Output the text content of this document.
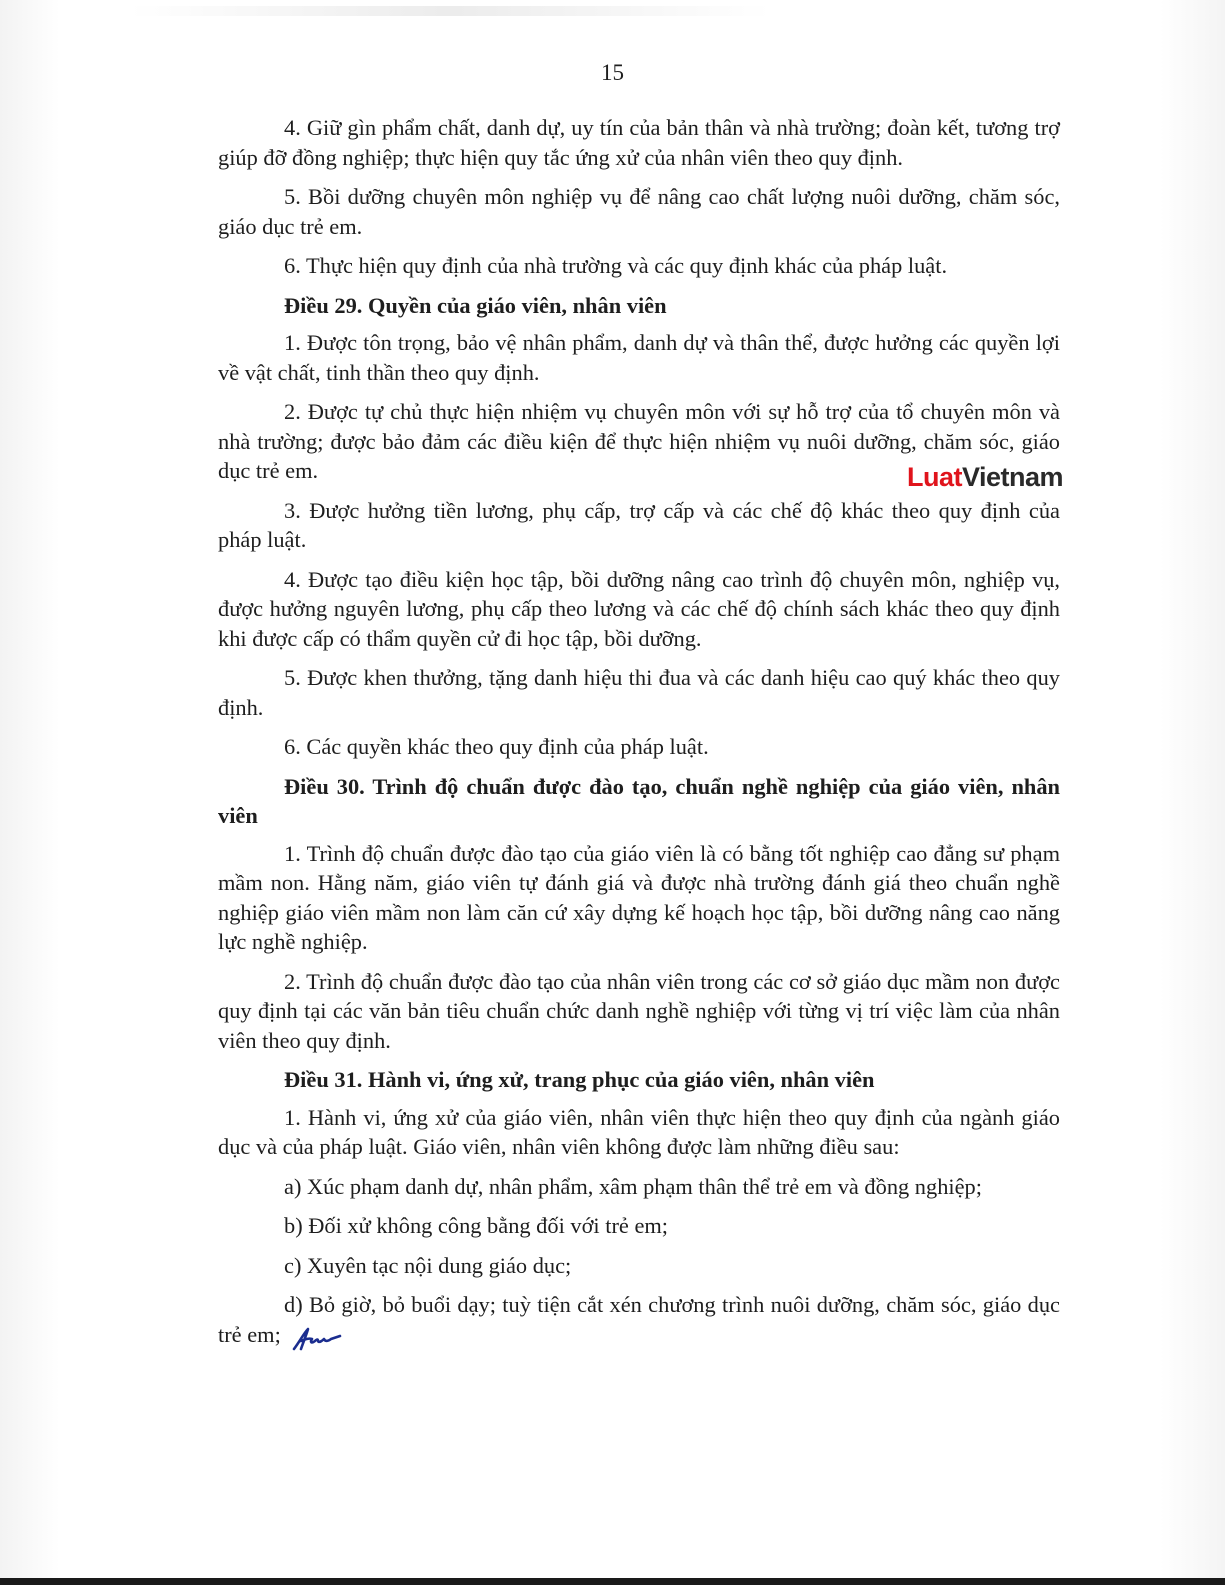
15
LuatVietnam

4. Giữ gìn phẩm chất, danh dự, uy tín của bản thân và nhà trường; đoàn kết, tương trợ giúp đỡ đồng nghiệp; thực hiện quy tắc ứng xử của nhân viên theo quy định.

5. Bồi dưỡng chuyên môn nghiệp vụ để nâng cao chất lượng nuôi dưỡng, chăm sóc, giáo dục trẻ em.

6. Thực hiện quy định của nhà trường và các quy định khác của pháp luật.

Điều 29. Quyền của giáo viên, nhân viên

1. Được tôn trọng, bảo vệ nhân phẩm, danh dự và thân thể, được hưởng các quyền lợi về vật chất, tinh thần theo quy định.

2. Được tự chủ thực hiện nhiệm vụ chuyên môn với sự hỗ trợ của tổ chuyên môn và nhà trường; được bảo đảm các điều kiện để thực hiện nhiệm vụ nuôi dưỡng, chăm sóc, giáo dục trẻ em.

3. Được hưởng tiền lương, phụ cấp, trợ cấp và các chế độ khác theo quy định của pháp luật.

4. Được tạo điều kiện học tập, bồi dưỡng nâng cao trình độ chuyên môn, nghiệp vụ, được hưởng nguyên lương, phụ cấp theo lương và các chế độ chính sách khác theo quy định khi được cấp có thẩm quyền cử đi học tập, bồi dưỡng.

5. Được khen thưởng, tặng danh hiệu thi đua và các danh hiệu cao quý khác theo quy định.

6. Các quyền khác theo quy định của pháp luật.

Điều 30. Trình độ chuẩn được đào tạo, chuẩn nghề nghiệp của giáo viên, nhân viên

1. Trình độ chuẩn được đào tạo của giáo viên là có bằng tốt nghiệp cao đẳng sư phạm mầm non. Hằng năm, giáo viên tự đánh giá và được nhà trường đánh giá theo chuẩn nghề nghiệp giáo viên mầm non làm căn cứ xây dựng kế hoạch học tập, bồi dưỡng nâng cao năng lực nghề nghiệp.

2. Trình độ chuẩn được đào tạo của nhân viên trong các cơ sở giáo dục mầm non được quy định tại các văn bản tiêu chuẩn chức danh nghề nghiệp với từng vị trí việc làm của nhân viên theo quy định.

Điều 31. Hành vi, ứng xử, trang phục của giáo viên, nhân viên

1. Hành vi, ứng xử của giáo viên, nhân viên thực hiện theo quy định của ngành giáo dục và của pháp luật. Giáo viên, nhân viên không được làm những điều sau:

a) Xúc phạm danh dự, nhân phẩm, xâm phạm thân thể trẻ em và đồng nghiệp;

b) Đối xử không công bằng đối với trẻ em;

c) Xuyên tạc nội dung giáo dục;

d) Bỏ giờ, bỏ buổi dạy; tuỳ tiện cắt xén chương trình nuôi dưỡng, chăm sóc, giáo dục trẻ em;
